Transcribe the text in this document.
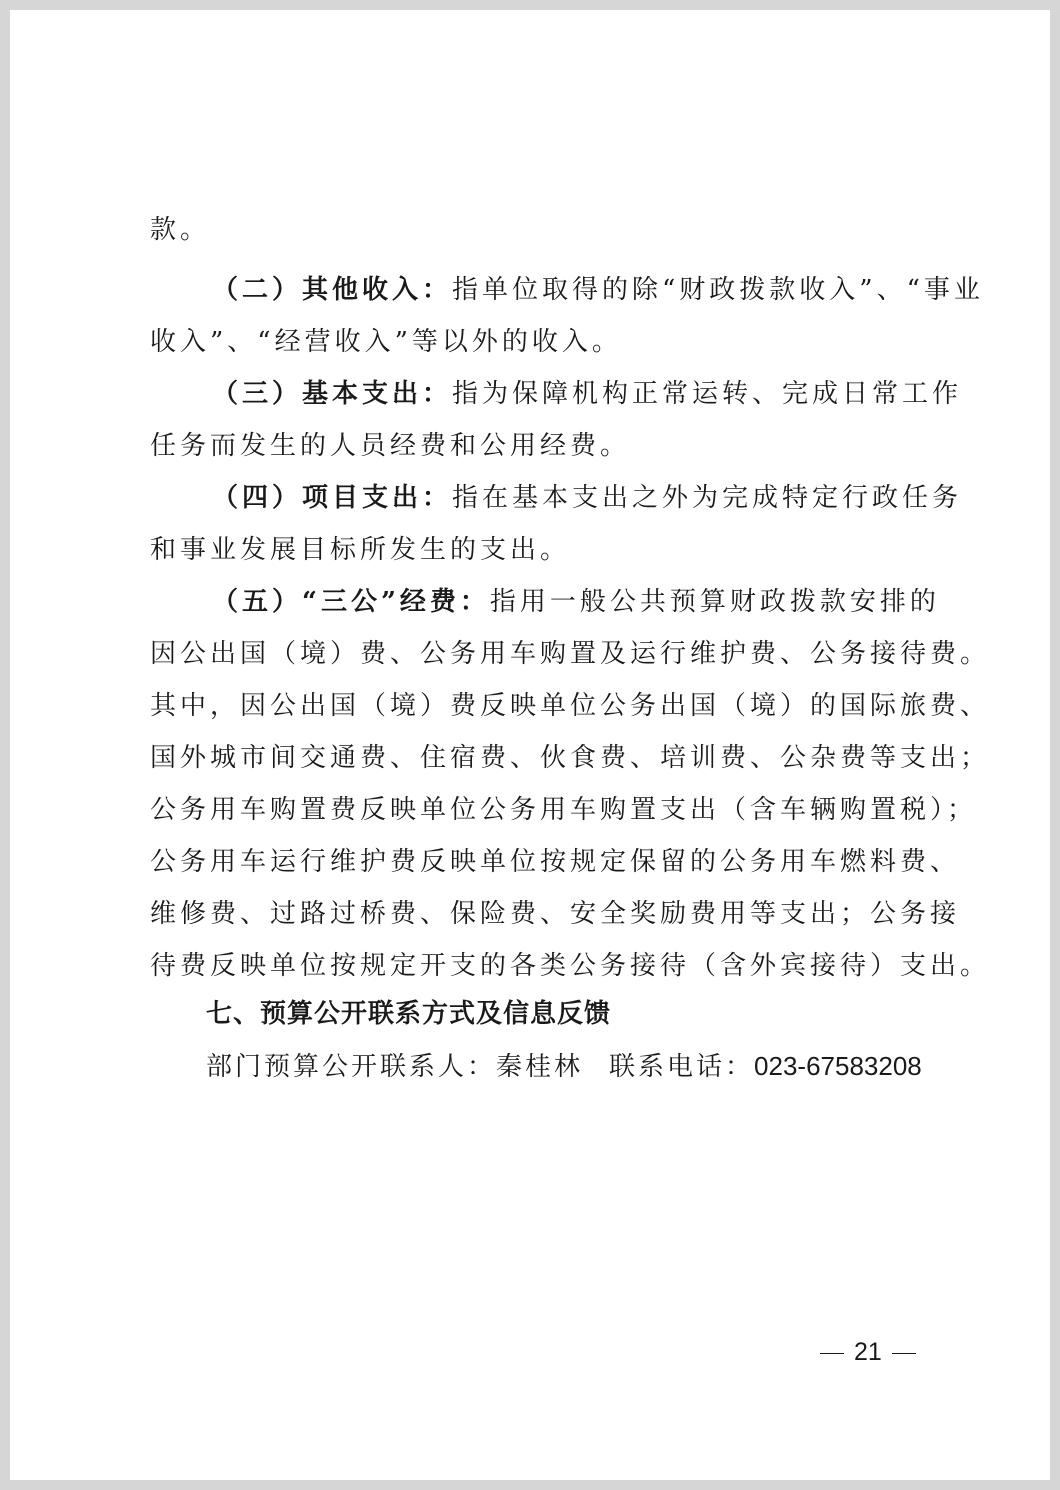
款。
（二）其他收入：指单位取得的除“财政拨款收入”、“事业
收入”、“经营收入”等以外的收入。
（三）基本支出：指为保障机构正常运转、完成日常工作
任务而发生的人员经费和公用经费。
（四）项目支出：指在基本支出之外为完成特定行政任务
和事业发展目标所发生的支出。
（五）“三公”经费：指用一般公共预算财政拨款安排的
因公出国（境）费、公务用车购置及运行维护费、公务接待费。
其中，因公出国（境）费反映单位公务出国（境）的国际旅费、
国外城市间交通费、住宿费、伙食费、培训费、公杂费等支出；
公务用车购置费反映单位公务用车购置支出（含车辆购置税）；
公务用车运行维护费反映单位按规定保留的公务用车燃料费、
维修费、过路过桥费、保险费、安全奖励费用等支出；公务接
待费反映单位按规定开支的各类公务接待（含外宾接待）支出。
七、预算公开联系方式及信息反馈
部门预算公开联系人：秦桂林 联系电话：023-67583208
21
